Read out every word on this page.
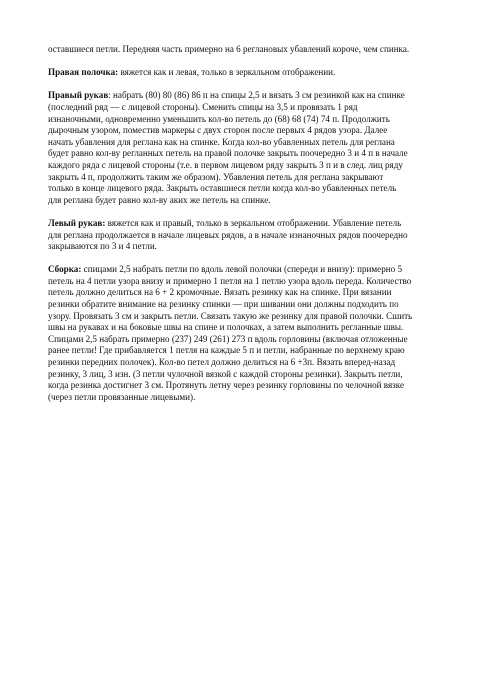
оставшиеся петли. Передняя часть примерно на 6 реглановых убавлений короче, чем спинка.
Правая полочка: вяжется как и левая, только в зеркальном отображении.
Правый рукав: набрать (80) 80 (86) 86 п на спицы 2,5 и вязать 3 см резинкой как на спинке
(последний ряд — с лицевой стороны). Сменить спицы на 3,5 и провязать 1 ряд
изнаночными, одновременно уменьшить кол-во петель до (68) 68 (74) 74 п. Продолжить
дырочным узором, поместив маркеры с двух сторон после первых 4 рядов узора. Далее
начать убавления для реглана как на спинке. Когда кол-во убавленных петель для реглана
будет равно кол-ву регланных петель на правой полочке закрыть поочередно 3 и 4 п в начале
каждого ряда с лицевой стороны (т.е. в первом лицевом ряду закрыть 3 п и в след. лиц ряду
закрыть 4 п, продолжить таким же образом). Убавления петель для реглана закрывают
только в конце лицевого ряда. Закрыть оставшиеся петли когда кол-во убавленных петель
для реглана будет равно кол-ву аких же петель на спинке.
Левый рукав: вяжется как и правый, только в зеркальном отображении. Убавление петель
для реглана продолжается в начале лицевых рядов, а в начале изнаночных рядов поочередно
закрываются по 3 и 4 петли.
Сборка: спицами 2,5 набрать петли по вдоль левой полочки (спереди и внизу): примерно 5
петель на 4 петли узора внизу и примерно 1 петля на 1 петлю узора вдоль переда. Количество
петель должно делиться на 6 + 2 кромочные. Вязать резинку как на спинке. При вязании
резинки обратите внимание на резинку спинки — при шивании они должны подходить по
узору. Провязать 3 см и закрыть петли. Связать такую же резинку для правой полочки. Сшить
швы на рукавах и на боковые швы на спине и полочках, а затем выполнить регланные швы.
Спицами 2,5 набрать примерно (237) 249 (261) 273 п вдоль горловины (включая отложенные
ранее петли! Где прибавляется 1 петля на каждые 5 п и петли, набранные по верхнему краю
резинки передних полочек). Кол-во петел должно делиться на 6 +3п. Вязать вперед-назад
резинку, 3 лиц, 3 изн. (3 петли чулочной вязкой с каждой стороны резинки). Закрыть петли,
когда резинка достигнет 3 см. Протянуть летну через резинку горловины по челочной вязке
(через петли провязанные лицевыми).
